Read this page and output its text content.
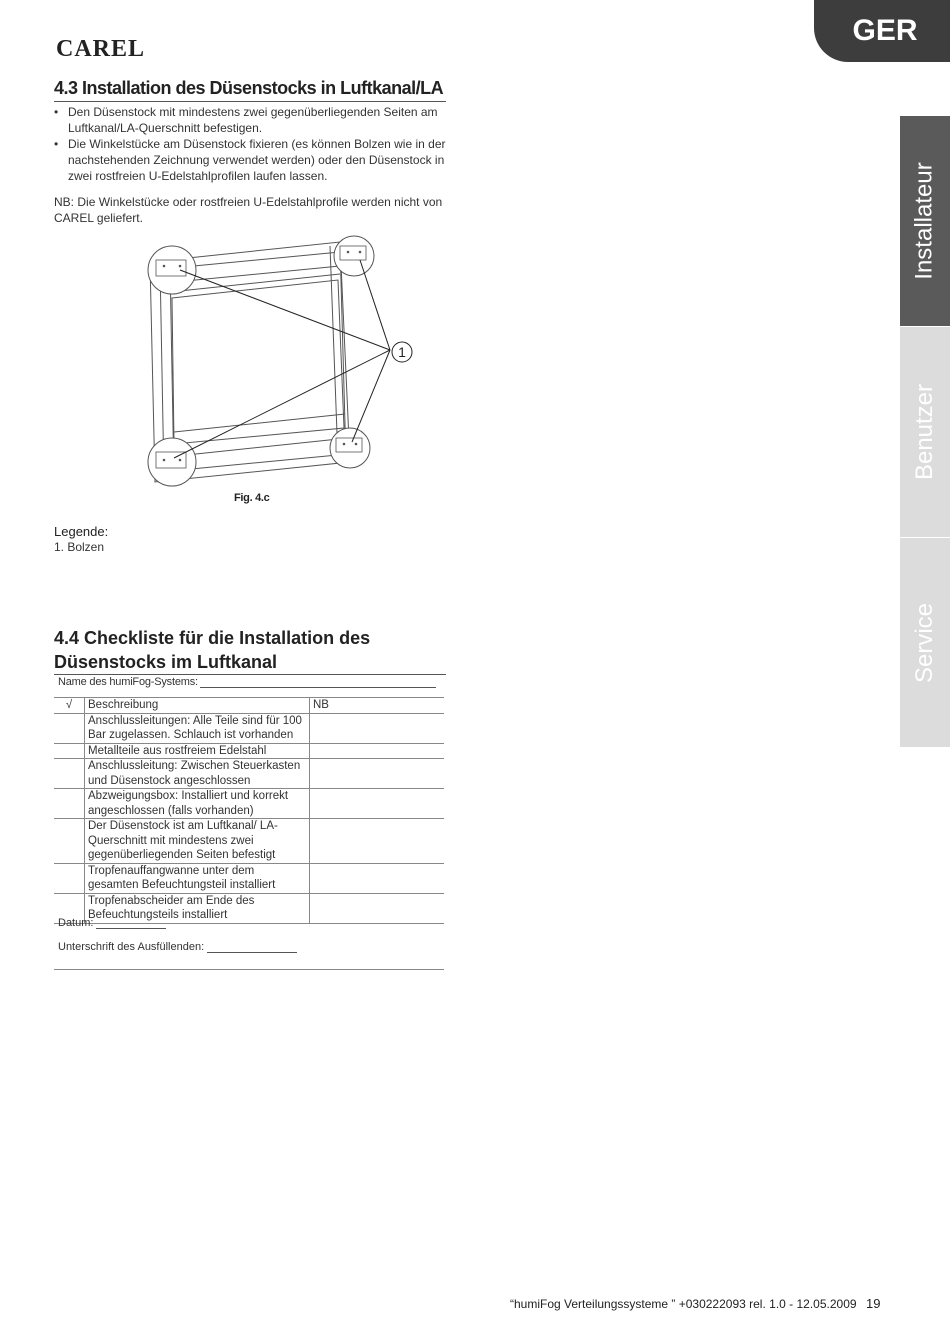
CAREL
GER
Installateur
Benutzer
Service
4.3 Installation des Düsenstocks in Luftkanal/LA
• Den Düsenstock mit mindestens zwei gegenüberliegenden Seiten am Luftkanal/LA-Querschnitt befestigen.
• Die Winkelstücke am Düsenstock fixieren (es können Bolzen wie in der nachstehenden Zeichnung verwendet werden) oder den Düsenstock in zwei rostfreien U-Edelstahlprofilen laufen lassen.

NB: Die Winkelstücke oder rostfreien U-Edelstahlprofile werden nicht von CAREL geliefert.

1
Fig. 4.c
Legende:
1. Bolzen
4.4 Checkliste für die Installation des
Düsenstocks im Luftkanal
Name des humiFog-Systems:
√	Beschreibung	NB
	Anschlussleitungen: Alle Teile sind für 100 Bar zugelassen. Schlauch ist vorhanden	
	Metallteile aus rostfreiem Edelstahl	
	Anschlussleitung: Zwischen Steuerkasten und Düsenstock angeschlossen	
	Abzweigungsbox: Installiert und korrekt angeschlossen (falls vorhanden)	
	Der Düsenstock ist am Luftkanal/ LA-Querschnitt mit mindestens zwei gegenüberliegenden Seiten befestigt	
	Tropfenauffangwanne unter dem gesamten Befeuchtungsteil installiert	
	Tropfenabscheider am Ende des Befeuchtungsteils installiert	
Datum:
Unterschrift des Ausfüllenden:
“humiFog Verteilungssysteme ” +030222093 rel. 1.0 - 12.05.2009 19
